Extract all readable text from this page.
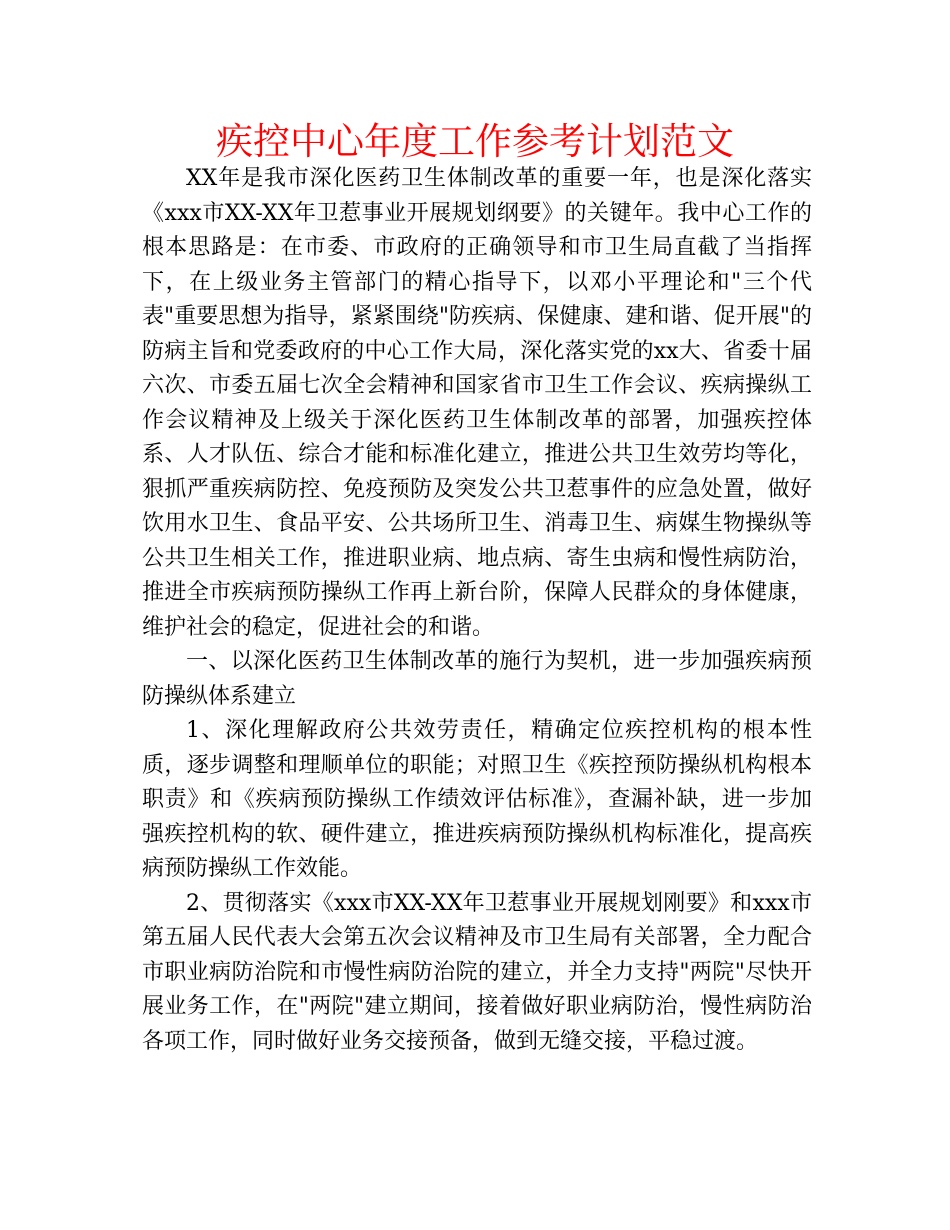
疾控中心年度工作参考计划范文

XX年是我市深化医药卫生体制改革的重要一年，也是深化落实《xxx市XX-XX年卫惹事业开展规划纲要》的关键年。我中心工作的根本思路是：在市委、市政府的正确领导和市卫生局直截了当指挥下，在上级业务主管部门的精心指导下，以邓小平理论和"三个代表"重要思想为指导，紧紧围绕"防疾病、保健康、建和谐、促开展"的防病主旨和党委政府的中心工作大局，深化落实党的xx大、省委十届六次、市委五届七次全会精神和国家省市卫生工作会议、疾病操纵工作会议精神及上级关于深化医药卫生体制改革的部署，加强疾控体系、人才队伍、综合才能和标准化建立，推进公共卫生效劳均等化，狠抓严重疾病防控、免疫预防及突发公共卫惹事件的应急处置，做好饮用水卫生、食品平安、公共场所卫生、消毒卫生、病媒生物操纵等公共卫生相关工作，推进职业病、地点病、寄生虫病和慢性病防治，推进全市疾病预防操纵工作再上新台阶，保障人民群众的身体健康，维护社会的稳定，促进社会的和谐。

一、以深化医药卫生体制改革的施行为契机，进一步加强疾病预防操纵体系建立

1、深化理解政府公共效劳责任，精确定位疾控机构的根本性质，逐步调整和理顺单位的职能；对照卫生《疾控预防操纵机构根本职责》和《疾病预防操纵工作绩效评估标准》，查漏补缺，进一步加强疾控机构的软、硬件建立，推进疾病预防操纵机构标准化，提高疾病预防操纵工作效能。

2、贯彻落实《xxx市XX-XX年卫惹事业开展规划刚要》和xxx市第五届人民代表大会第五次会议精神及市卫生局有关部署，全力配合市职业病防治院和市慢性病防治院的建立，并全力支持"两院"尽快开展业务工作，在"两院"建立期间，接着做好职业病防治，慢性病防治各项工作，同时做好业务交接预备，做到无缝交接，平稳过渡。
